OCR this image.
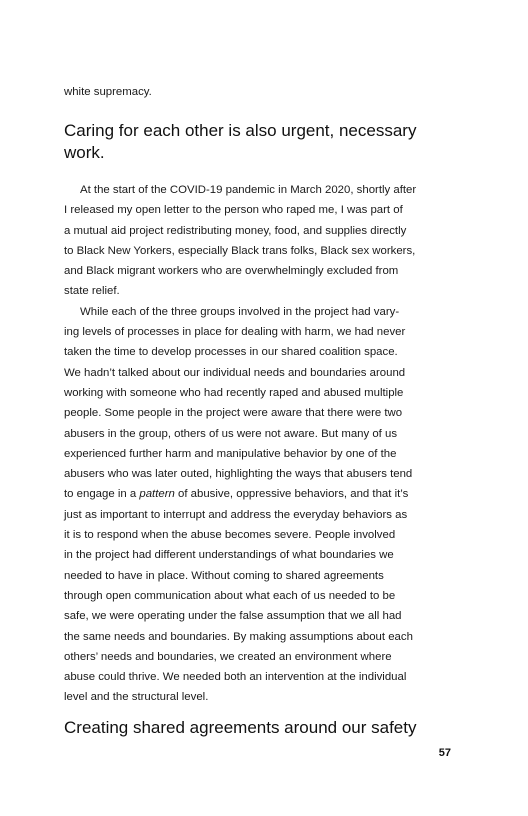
white supremacy.
Caring for each other is also urgent, necessary work.
At the start of the COVID-19 pandemic in March 2020, shortly after
I released my open letter to the person who raped me, I was part of
a mutual aid project redistributing money, food, and supplies directly
to Black New Yorkers, especially Black trans folks, Black sex workers,
and Black migrant workers who are overwhelmingly excluded from
state relief.
While each of the three groups involved in the project had vary-
ing levels of processes in place for dealing with harm, we had never
taken the time to develop processes in our shared coalition space.
We hadn’t talked about our individual needs and boundaries around
working with someone who had recently raped and abused multiple
people. Some people in the project were aware that there were two
abusers in the group, others of us were not aware. But many of us
experienced further harm and manipulative behavior by one of the
abusers who was later outed, highlighting the ways that abusers tend
to engage in a pattern of abusive, oppressive behaviors, and that it’s
just as important to interrupt and address the everyday behaviors as
it is to respond when the abuse becomes severe. People involved
in the project had different understandings of what boundaries we
needed to have in place. Without coming to shared agreements
through open communication about what each of us needed to be
safe, we were operating under the false assumption that we all had
the same needs and boundaries. By making assumptions about each
others’ needs and boundaries, we created an environment where
abuse could thrive. We needed both an intervention at the individual
level and the structural level.
Creating shared agreements around our safety
57
